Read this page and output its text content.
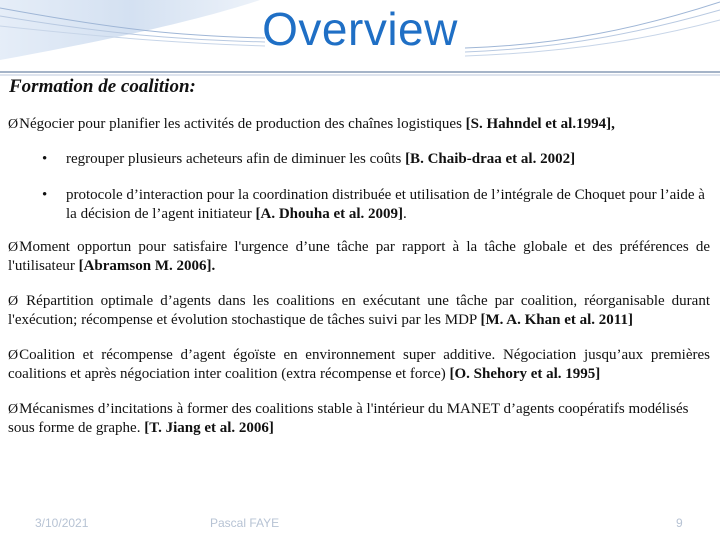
Overview
Formation de coalition:

ØNégocier pour planifier les activités de production des chaînes logistiques [S. Hahndel et al.1994],

• regrouper plusieurs acheteurs afin de diminuer les coûts [B. Chaib-draa et al. 2002]

• protocole d’interaction pour la coordination distribuée et utilisation de l’intégrale de Choquet pour l’aide à la décision de l’agent initiateur [A. Dhouha et al. 2009].

ØMoment opportun pour satisfaire l'urgence d’une tâche par rapport à la tâche globale et des préférences de l'utilisateur [Abramson M. 2006].

Ø Répartition optimale d’agents dans les coalitions en exécutant une tâche par coalition, réorganisable durant l'exécution; récompense et évolution stochastique de tâches suivi par les MDP [M. A. Khan et al. 2011]

ØCoalition et récompense d’agent égoïste en environnement super additive. Négociation jusqu’aux premières coalitions et après négociation inter coalition (extra récompense et force) [O. Shehory et al. 1995]

ØMécanismes d’incitations à former des coalitions stable à l'intérieur du MANET d’agents coopératifs modélisés sous forme de graphe. [T. Jiang et al. 2006]

3/10/2021	Pascal FAYE	9
